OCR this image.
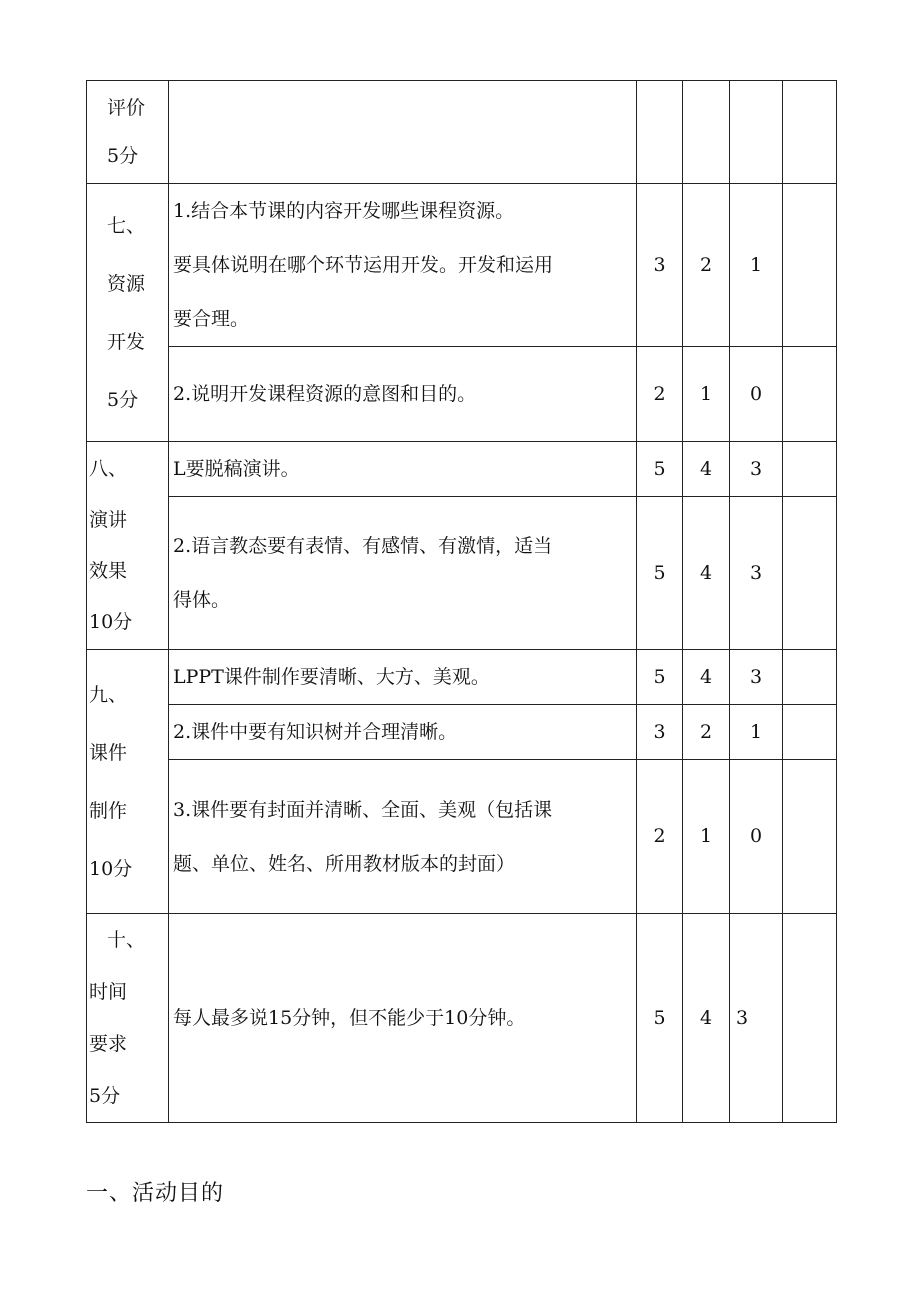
评价
5分					

七、
资源
开发
5分	1.结合本节课的内容开发哪些课程资源。
要具体说明在哪个环节运用开发。开发和运用
要合理。	3	2	1	

	2.说明开发课程资源的意图和目的。	2	1	0	

八、
演讲
效果
10分	L要脱稿演讲。	5	4	3	

	2.语言教态要有表情、有感情、有激情，适当
得体。	5	4	3	

九、
课件
制作
10分	LPPT课件制作要清晰、大方、美观。	5	4	3	

	2.课件中要有知识树并合理清晰。	3	2	1	

	3.课件要有封面并清晰、全面、美观（包括课
题、单位、姓名、所用教材版本的封面）	2	1	0	

十、
时间
要求
5分	每人最多说15分钟，但不能少于10分钟。	5	4	3	
一、活动目的
